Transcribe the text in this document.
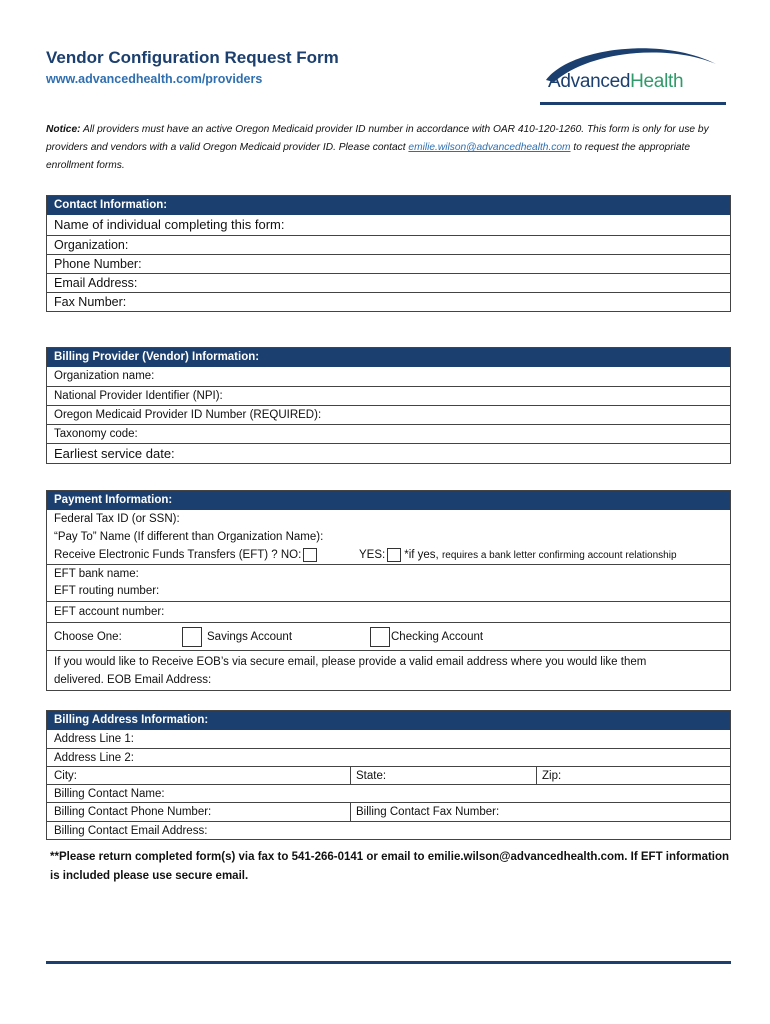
Vendor Configuration Request Form
www.advancedhealth.com/providers	AdvancedHealth
Notice: All providers must have an active Oregon Medicaid provider ID number in accordance with OAR 410-120-1260. This form is only for use by providers and vendors with a valid Oregon Medicaid provider ID. Please contact emilie.wilson@advancedhealth.com to request the appropriate enrollment forms.
Contact Information:
Name of individual completing this form:
Organization:
Phone Number:
Email Address:
Fax Number:
Billing Provider (Vendor) Information:
Organization name:
National Provider Identifier (NPI):
Oregon Medicaid Provider ID Number (REQUIRED):
Taxonomy code:
Earliest service date:
Payment Information:
Federal Tax ID (or SSN):
“Pay To” Name (If different than Organization Name):
Receive Electronic Funds Transfers (EFT) ? NO:	YES: *if yes, requires a bank letter confirming account relationship
EFT bank name:
EFT routing number:
EFT account number:
Choose One:	Savings Account	Checking Account
If you would like to Receive EOB’s via secure email, please provide a valid email address where you would like them
delivered. EOB Email Address:
Billing Address Information:
Address Line 1:
Address Line 2:
City:	State:	Zip:
Billing Contact Name:
Billing Contact Phone Number:	Billing Contact Fax Number:
Billing Contact Email Address:
**Please return completed form(s) via fax to 541-266-0141 or email to emilie.wilson@advancedhealth.com. If EFT information is included please use secure email.
